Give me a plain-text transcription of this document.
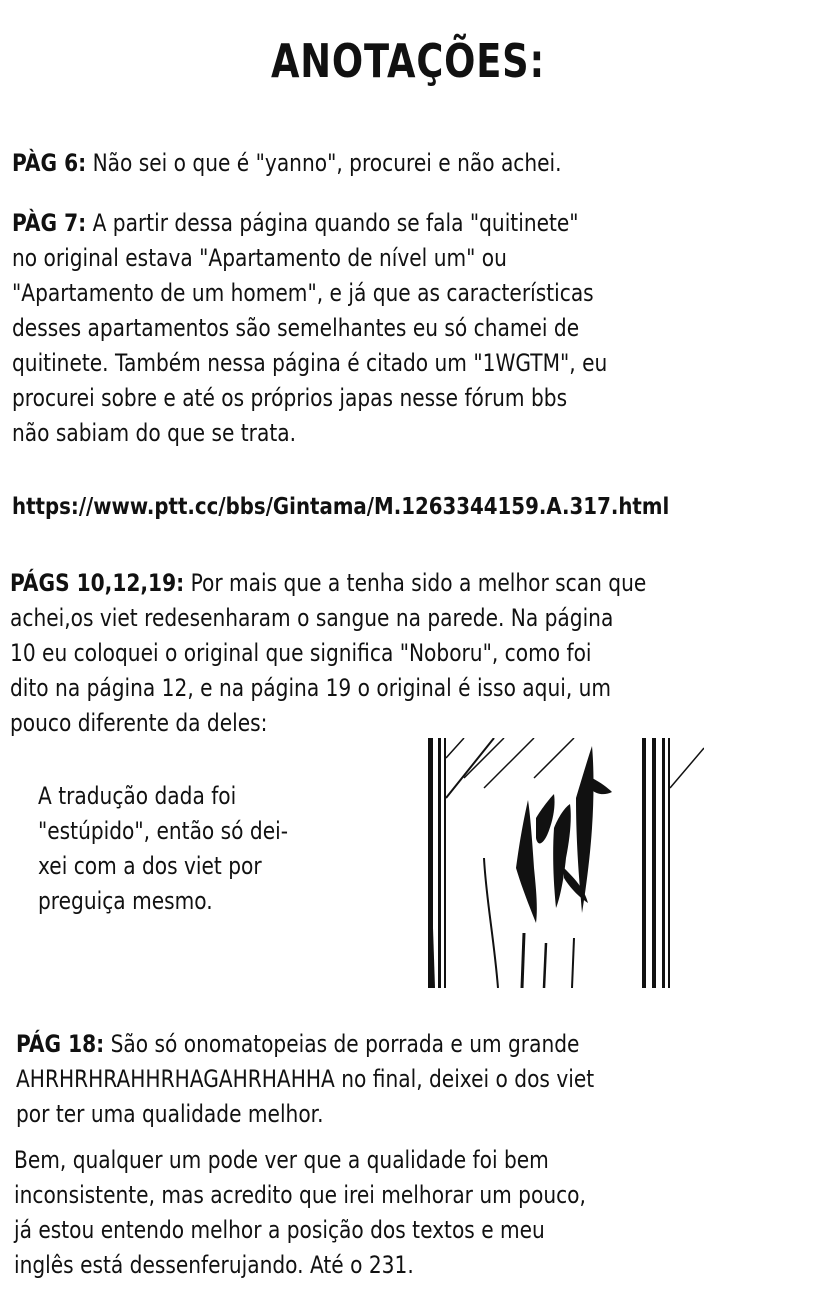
ANOTAÇÕES:
PÀG 6: Não sei o que é "yanno", procurei e não achei.
PÀG 7: A partir dessa página quando se fala "quitinete"
no original estava "Apartamento de nível um" ou
"Apartamento de um homem", e já que as características
desses apartamentos são semelhantes eu só chamei de
quitinete. Também nessa página é citado um "1WGTM", eu
procurei sobre e até os próprios japas nesse fórum bbs
não sabiam do que se trata.
https://www.ptt.cc/bbs/Gintama/M.1263344159.A.317.html
PÁGS 10,12,19: Por mais que a tenha sido a melhor scan que
achei,os viet redesenharam o sangue na parede. Na página
10 eu coloquei o original que significa "Noboru", como foi
dito na página 12, e na página 19 o original é isso aqui, um
pouco diferente da deles:
A tradução dada foi
"estúpido", então só dei-
xei com a dos viet por
preguiça mesmo.
PÁG 18: São só onomatopeias de porrada e um grande
AHRHRHRAHHRHAGAHRHAHHA no final, deixei o dos viet
por ter uma qualidade melhor.
Bem, qualquer um pode ver que a qualidade foi bem
inconsistente, mas acredito que irei melhorar um pouco,
já estou entendo melhor a posição dos textos e meu
inglês está dessenferujando. Até o 231.
